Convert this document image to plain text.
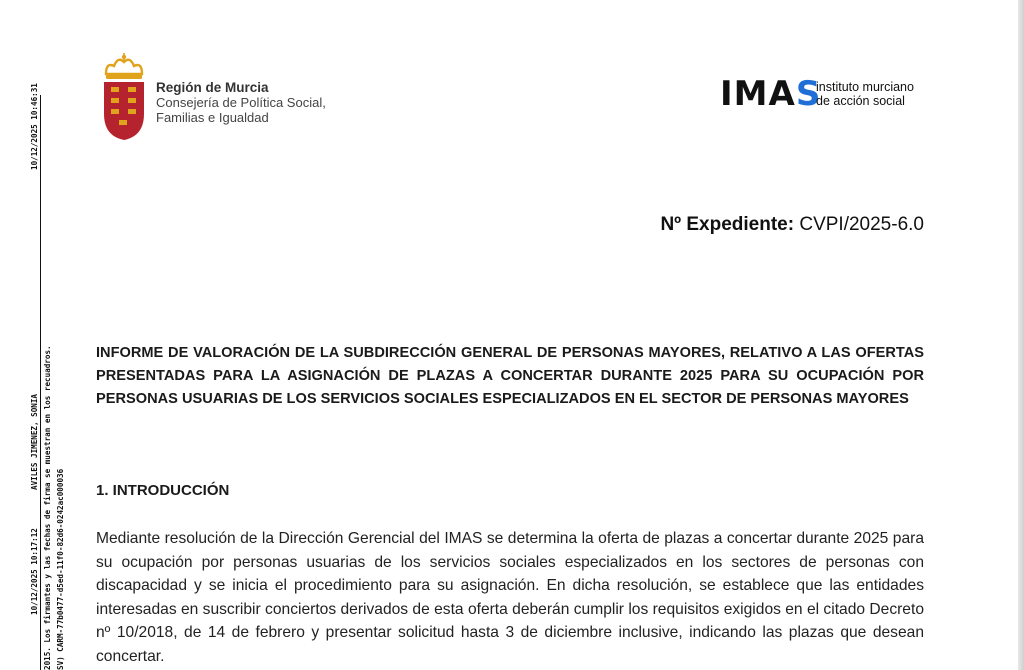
10/12/2025 10:46:31
AVILES JIMENEZ, SONIA
10/12/2025 10:17:12 2015. Los firmantes y las fechas de firma se muestran en los recuadros. SV) CARM-77b0477-d5ed-11f0-82d6-0242ac000036
Región de Murcia
Consejería de Política Social,
Familias e Igualdad
IMAS
instituto murciano
de acción social
Nº Expediente: CVPI/2025-6.0
INFORME DE VALORACIÓN DE LA SUBDIRECCIÓN GENERAL DE PERSONAS MAYORES, RELATIVO A LAS OFERTAS PRESENTADAS PARA LA ASIGNACIÓN DE PLAZAS A CONCERTAR DURANTE 2025 PARA SU OCUPACIÓN POR PERSONAS USUARIAS DE LOS SERVICIOS SOCIALES ESPECIALIZADOS EN EL SECTOR DE PERSONAS MAYORES
1. INTRODUCCIÓN
Mediante resolución de la Dirección Gerencial del IMAS se determina la oferta de plazas a concertar durante 2025 para su ocupación por personas usuarias de los servicios sociales especializados en los sectores de personas con discapacidad y se inicia el procedimiento para su asignación. En dicha resolución, se establece que las entidades interesadas en suscribir conciertos derivados de esta oferta deberán cumplir los requisitos exigidos en el citado Decreto nº 10/2018, de 14 de febrero y presentar solicitud hasta 3 de diciembre inclusive, indicando las plazas que desean concertar.
